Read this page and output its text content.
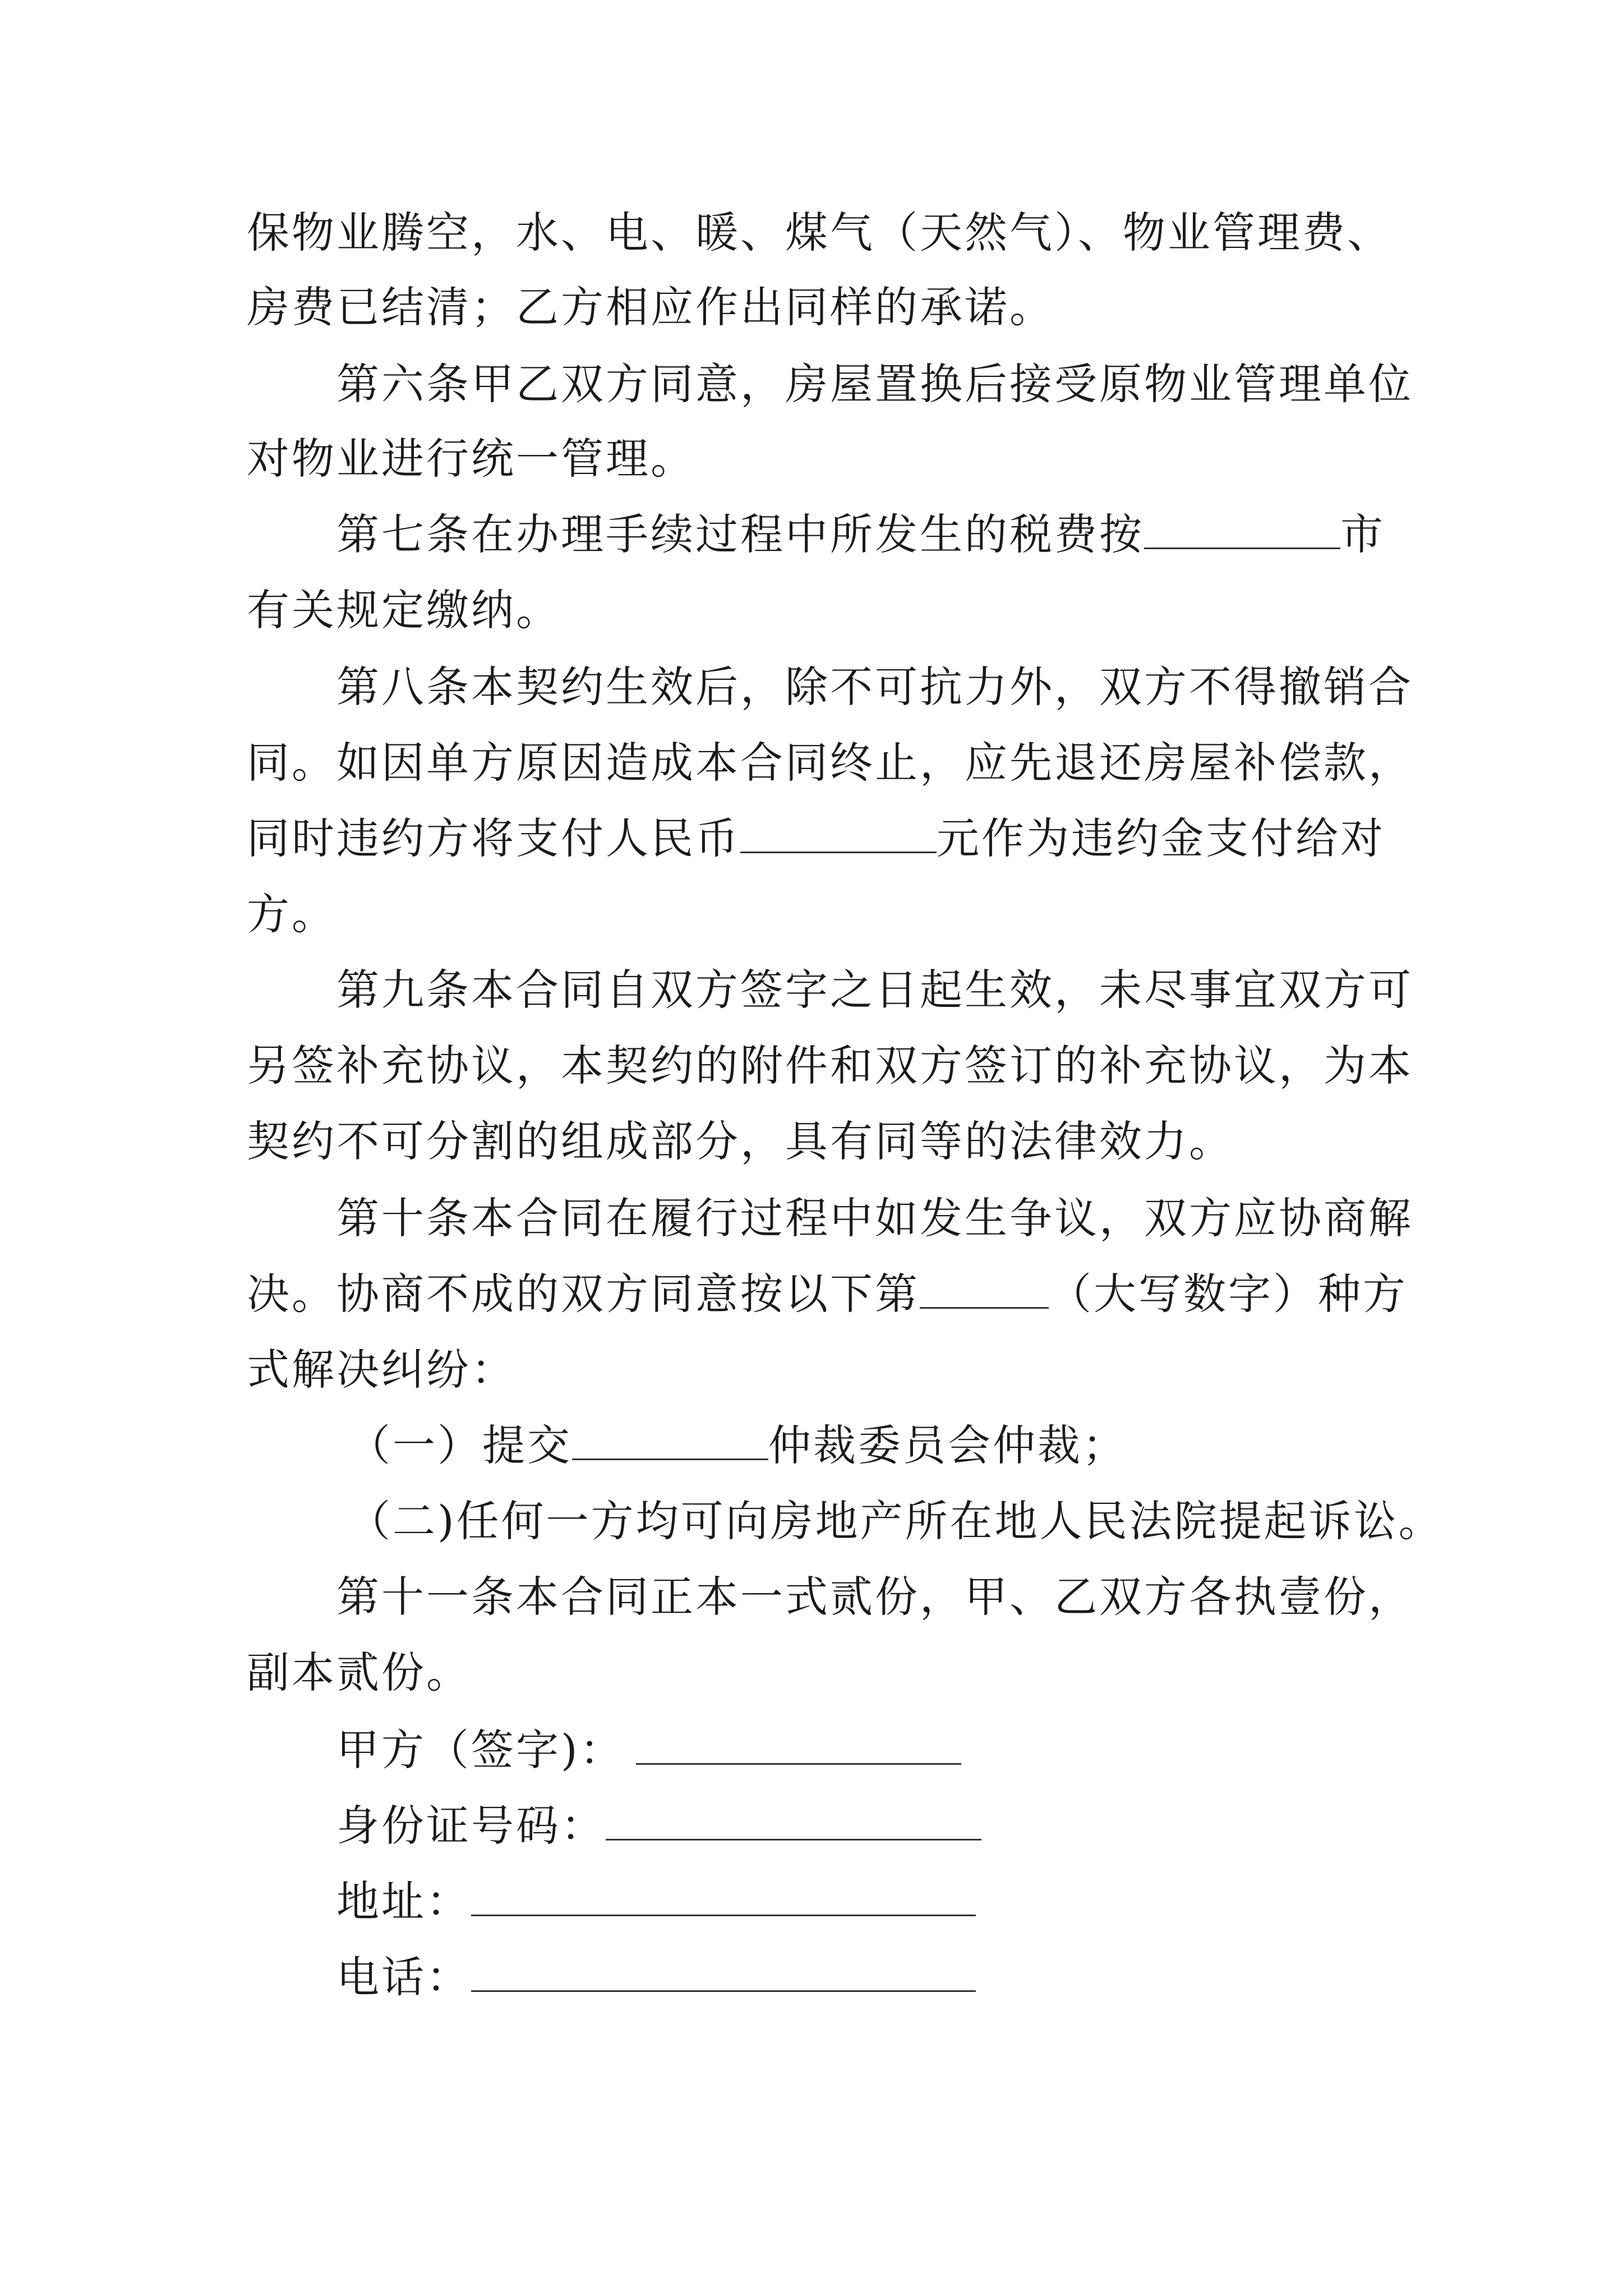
保物业腾空，水、电、暖、煤气（天然气）、物业管理费、
房费已结清；乙方相应作出同样的承诺。
第六条甲乙双方同意，房屋置换后接受原物业管理单位
对物业进行统一管理。
第七条在办理手续过程中所发生的税费按	市
有关规定缴纳。
第八条本契约生效后，除不可抗力外，双方不得撤销合
同。如因单方原因造成本合同终止，应先退还房屋补偿款，
同时违约方将支付人民币	元作为违约金支付给对
方。
第九条本合同自双方签字之日起生效，未尽事宜双方可
另签补充协议，本契约的附件和双方签订的补充协议，为本
契约不可分割的组成部分，具有同等的法律效力。
第十条本合同在履行过程中如发生争议，双方应协商解
决。协商不成的双方同意按以下第	（大写数字）种方
式解决纠纷：
（一）提交	仲裁委员会仲裁；
（二)任何一方均可向房地产所在地人民法院提起诉讼。
第十一条本合同正本一式贰份，甲、乙双方各执壹份，
副本贰份。
甲方（签字)：
身份证号码：
地址：
电话：
